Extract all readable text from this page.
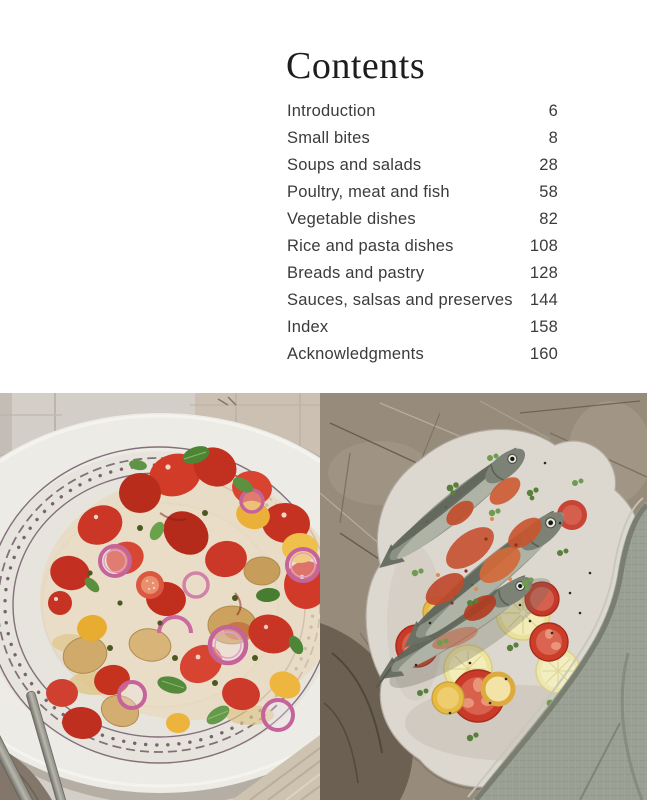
Contents
Introduction	6
Small bites	8
Soups and salads	28
Poultry, meat and fish	58
Vegetable dishes	82
Rice and pasta dishes	108
Breads and pastry	128
Sauces, salsas and preserves 144
Index	158
Acknowledgments	160
